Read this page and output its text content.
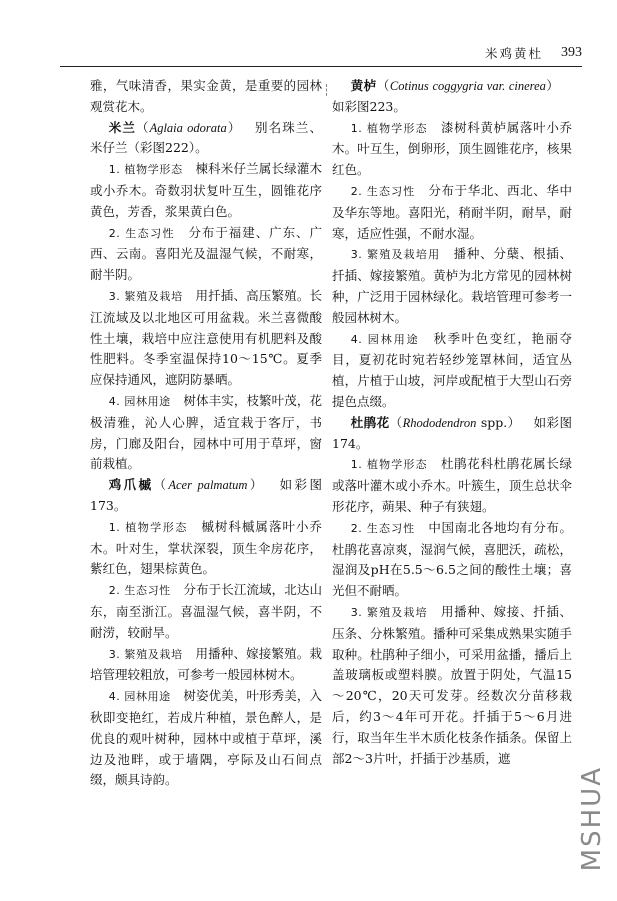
米鸡黄杜 393

雅，气味清香，果实金黄，是重要的园林观赏花木。

米兰（Aglaia odorata）  别名珠兰、米仔兰（彩图222）。

1. 植物学形态  楝科米仔兰属长绿灌木或小乔木。奇数羽状复叶互生，圆锥花序黄色，芳香，浆果黄白色。

2. 生态习性  分布于福建、广东、广西、云南。喜阳光及温湿气候，不耐寒，耐半阴。

3. 繁殖及栽培  用扦插、高压繁殖。长江流域及以北地区可用盆栽。米兰喜微酸性土壤，栽培中应注意使用有机肥料及酸性肥料。冬季室温保持10～15℃。夏季应保持通风，遮阴防暴晒。

4. 园林用途  树体丰实，枝繁叶茂，花极清雅，沁人心脾，适宜栽于客厅，书房，门廊及阳台，园林中可用于草坪，窗前栽植。

鸡爪槭（Acer palmatum）  如彩图173。

1. 植物学形态  槭树科槭属落叶小乔木。叶对生，掌状深裂，顶生伞房花序，紫红色，翅果棕黄色。

2. 生态习性  分布于长江流域，北达山东，南至浙江。喜温湿气候，喜半阴，不耐涝，较耐旱。

3. 繁殖及栽培  用播种、嫁接繁殖。栽培管理较粗放，可参考一般园林树木。

4. 园林用途  树姿优美，叶形秀美，入秋即变艳红，若成片种植，景色醉人，是优良的观叶树种，园林中或植于草坪，溪边及池畔，或于墙隅，亭际及山石间点缀，颇具诗韵。

黄栌（Cotinus coggygria var. cinerea） 如彩图223。

1. 植物学形态  漆树科黄栌属落叶小乔木。叶互生，倒卵形，顶生圆锥花序，核果红色。

2. 生态习性  分布于华北、西北、华中及华东等地。喜阳光，稍耐半阴，耐旱，耐寒，适应性强，不耐水湿。

3. 繁殖及栽培用  播种、分蘖、根插、扦插、嫁接繁殖。黄栌为北方常见的园林树种，广泛用于园林绿化。栽培管理可参考一般园林树木。

4. 园林用途  秋季叶色变红，艳丽夺目，夏初花时宛若轻纱笼罩林间，适宜丛植，片植于山坡，河岸或配植于大型山石旁提色点缀。

杜鹃花（Rhododendron spp.）  如彩图174。

1. 植物学形态  杜鹃花科杜鹃花属长绿或落叶灌木或小乔木。叶簇生，顶生总状伞形花序，蒴果、种子有狭翅。

2. 生态习性  中国南北各地均有分布。杜鹃花喜凉爽，湿润气候，喜肥沃，疏松，湿润及pH在5.5～6.5之间的酸性土壤；喜光但不耐晒。

3. 繁殖及栽培  用播种、嫁接、扦插、压条、分株繁殖。播种可采集成熟果实随手取种。杜鹃种子细小，可采用盆播，播后上盖玻璃板或塑料膜。放置于阴处，气温15～20℃，20天可发芽。经数次分苗移栽后，约3～4年可开花。扦插于5～6月进行，取当年生半木质化枝条作插条。保留上部2～3片叶，扦插于沙基质，遮

MSHUA
